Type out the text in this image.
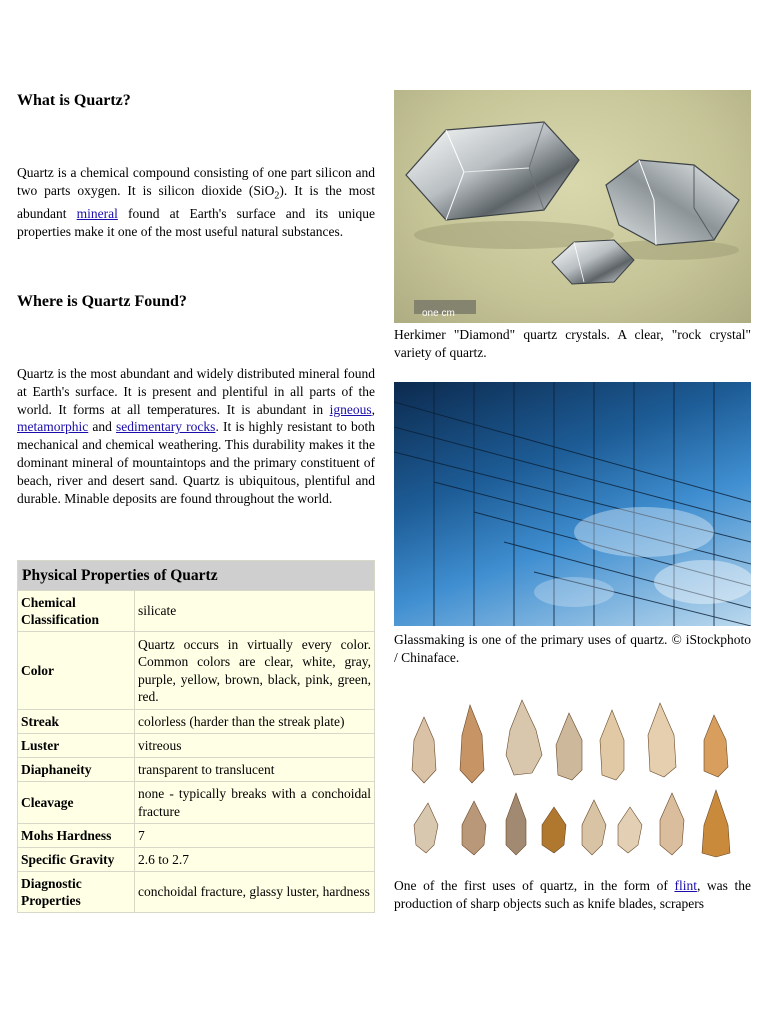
What is Quartz?

Quartz is a chemical compound consisting of one part silicon and two parts oxygen. It is silicon dioxide (SiO$_2$). It is the most abundant mineral found at Earth's surface and its unique properties make it one of the most useful natural substances.

Where is Quartz Found?

Quartz is the most abundant and widely distributed mineral found at Earth's surface. It is present and plentiful in all parts of the world. It forms at all temperatures. It is abundant in igneous, metamorphic and sedimentary rocks. It is highly resistant to both mechanical and chemical weathering. This durability makes it the dominant mineral of mountaintops and the primary constituent of beach, river and desert sand. Quartz is ubiquitous, plentiful and durable. Minable deposits are found throughout the world.

Physical Properties of Quartz	
Chemical Classification	silicate
Color	Quartz occurs in virtually every color. Common colors are clear, white, gray, purple, yellow, brown, black, pink, green, red.
Streak	colorless (harder than the streak plate)
Luster	vitreous
Diaphaneity	transparent to translucent
Cleavage	none - typically breaks with a conchoidal fracture
Mohs Hardness	7
Specific Gravity	2.6 to 2.7
Diagnostic Properties	conchoidal fracture, glassy luster, hardness
one cm

Herkimer "Diamond" quartz crystals. A clear, "rock crystal" variety of quartz.

Glassmaking is one of the primary uses of quartz. © iStockphoto / Chinaface.

One of the first uses of quartz, in the form of flint, was the production of sharp objects such as knife blades, scrapers
